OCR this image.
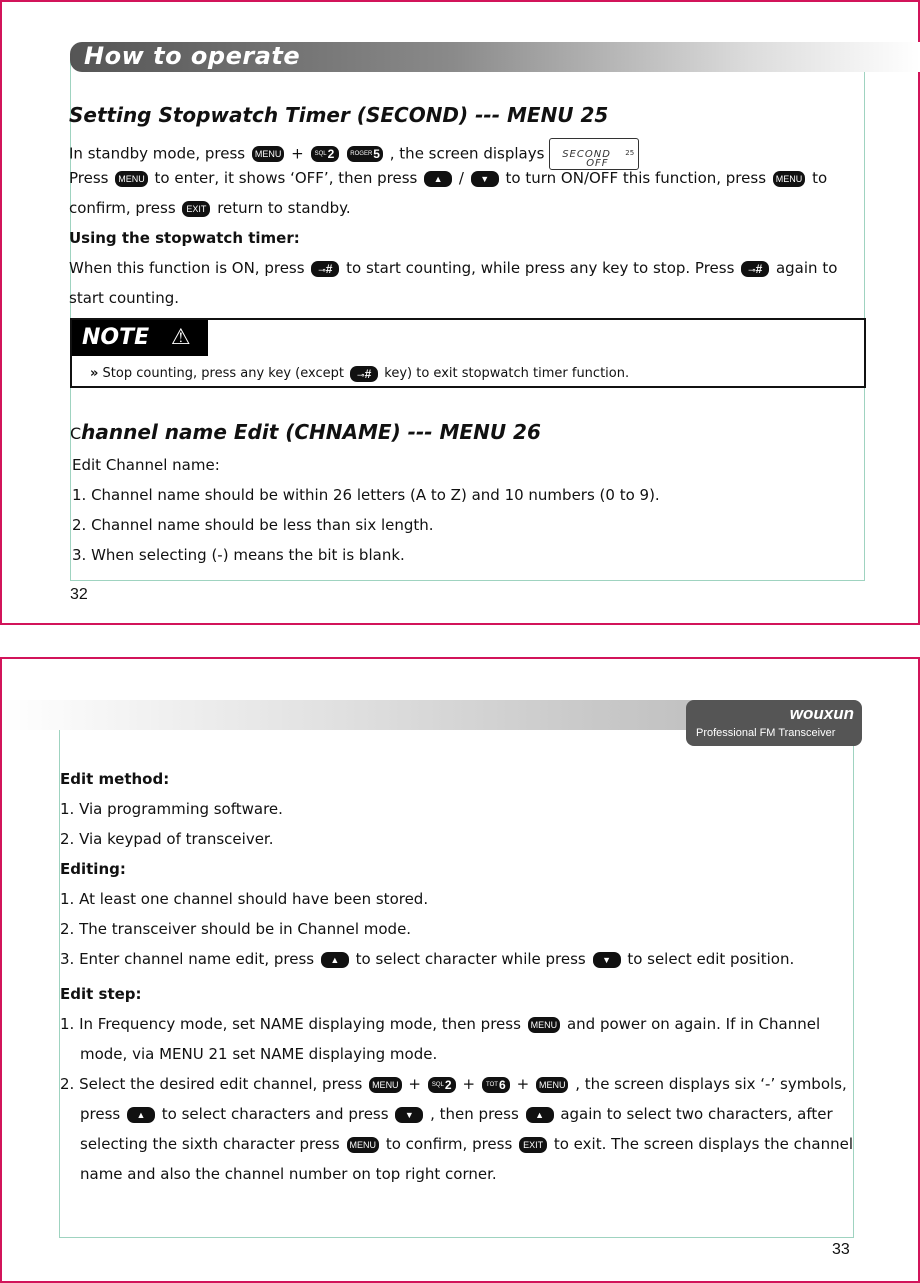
How to operate
Setting Stopwatch Timer (SECOND) --- MENU 25
In standby mode, press MENU + $^{SQL}$2	$^{ROGER}$5 , the screen displays SECOND
OFF
25
Press MENU to enter, it shows ‘OFF’, then press ▲ / ▼ to turn ON/OFF this function, press MENU to
confirm, press EXIT return to standby.
Using the stopwatch timer:
When this function is ON, press ⊸# to start counting, while press any key to stop. Press ⊸# again to
start counting.
NOTE ⚠
» Stop counting, press any key (except ⊸# key) to exit stopwatch timer function.
Channel name Edit (CHNAME) --- MENU 26
Edit Channel name:
1. Channel name should be within 26 letters (A to Z) and 10 numbers (0 to 9).
2. Channel name should be less than six length.
3. When selecting (-) means the bit is blank.
32
wouxun
Professional FM Transceiver
Edit method:
1. Via programming software.
2. Via keypad of transceiver.
Editing:
1. At least one channel should have been stored.
2. The transceiver should be in Channel mode.
3. Enter channel name edit, press ▲ to select character while press ▼ to select edit position.
Edit step:
1. In Frequency mode, set NAME displaying mode, then press MENU and power on again. If in Channel
mode, via MENU 21 set NAME displaying mode.
2. Select the desired edit channel, press MENU + $^{SQL}$2 + $^{TOT}$6 + MENU , the screen displays six ‘-’ symbols,
press ▲ to select characters and press ▼ , then press ▲ again to select two characters, after
selecting the sixth character press MENU to confirm, press EXIT to exit. The screen displays the channel
name and also the channel number on top right corner.
33
